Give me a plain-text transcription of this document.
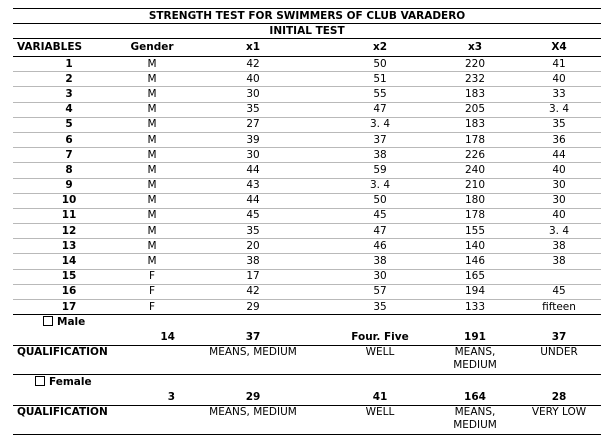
STRENGTH TEST FOR SWIMMERS OF CLUB VARADERO					
INITIAL TEST					
VARIABLES	Gender	x1	x2	x3	X4
1	M	42	50	220	41
2	M	40	51	232	40
3	M	30	55	183	33
4	M	35	47	205	3. 4
5	M	27	3. 4	183	35
6	M	39	37	178	36
7	M	30	38	226	44
8	M	44	59	240	40
9	M	43	3. 4	210	30
10	M	44	50	180	30
11	M	45	45	178	40
12	M	35	47	155	3. 4
13	M	20	46	140	38
14	M	38	38	146	38
15	F	17	30	165	
16	F	42	57	194	45
17	F	29	35	133	fifteen
Male					
	14	37	Four. Five	191	37
QUALIFICATION		MEANS, MEDIUM	WELL	MEANS, MEDIUM	UNDER
Female					
	3	29	41	164	28
QUALIFICATION		MEANS, MEDIUM	WELL	MEANS, MEDIUM	VERY LOW
